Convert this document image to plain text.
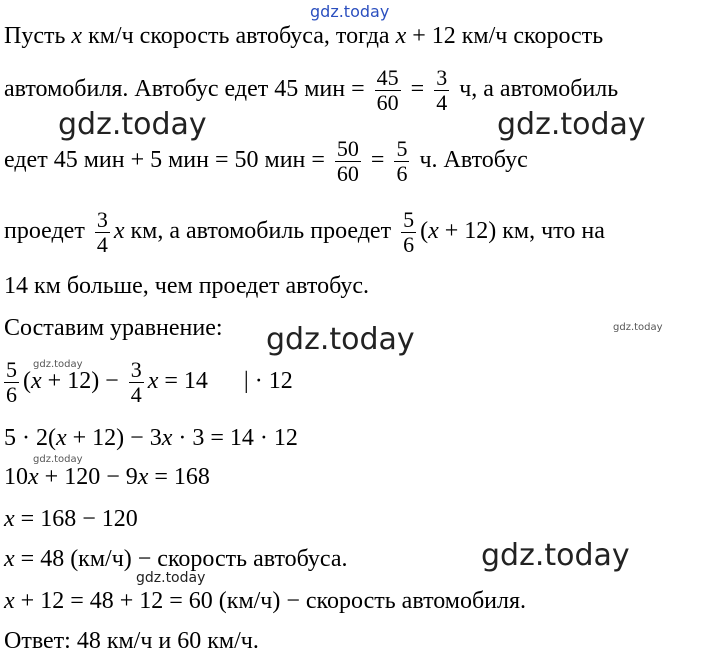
gdz.today
gdz.today	gdz.today
gdz.today	gdz.today
gdz.today
gdz.today
gdz.today
gdz.today
Пусть x км/ч скорость автобуса, тогда x + 12 км/ч скорость
автомобиля. Автобус едет 45 мин = $\frac{45}{60} = \frac{3}{4} ч$, а автомобиль
едет 45 мин + 5 мин = 50 мин = $\frac{50}{60} = \frac{5}{6} ч$. Автобус
проедет $\frac{3}{4}$ x км, а автомобиль проедет $\frac{5}{6} (x + 12)$ км, что на
14 км больше, чем проедет автобус.
Составим уравнение:
$\frac{5}{6} (x + 12) - \frac{3}{4}$ x = 14      | · 12
5 · 2(x + 12) − 3x · 3 = 14 · 12
10x + 120 − 9x = 168
x = 168 − 120
x = 48 (км/ч) − скорость автобуса.
x + 12 = 48 + 12 = 60 (км/ч) − скорость автомобиля.
Ответ: 48 км/ч и 60 км/ч.
